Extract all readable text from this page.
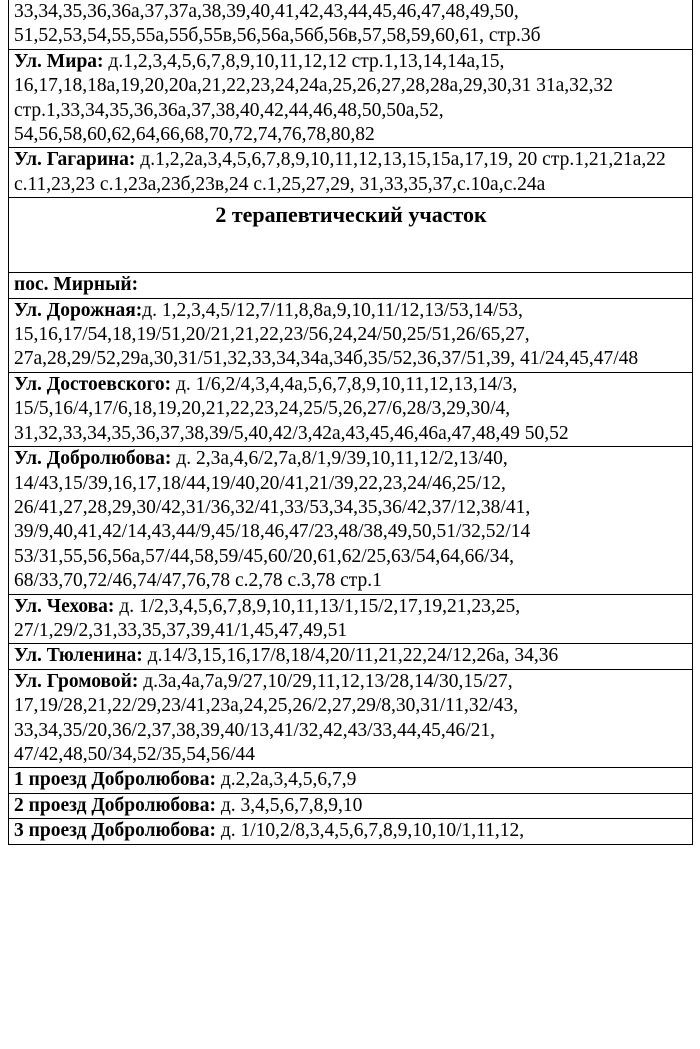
33,34,35,36,36а,37,37а,38,39,40,41,42,43,44,45,46,47,48,49,50, 51,52,53,54,55,55а,55б,55в,56,56а,56б,56в,57,58,59,60,61, стр.3б
Ул. Мира: д.1,2,3,4,5,6,7,8,9,10,11,12,12 стр.1,13,14,14а,15, 16,17,18,18а,19,20,20а,21,22,23,24,24а,25,26,27,28,28а,29,30,31 31а,32,32 стр.1,33,34,35,36,36а,37,38,40,42,44,46,48,50,50а,52, 54,56,58,60,62,64,66,68,70,72,74,76,78,80,82
Ул. Гагарина: д.1,2,2а,3,4,5,6,7,8,9,10,11,12,13,15,15а,17,19, 20 стр.1,21,21а,22 с.11,23,23 с.1,23а,23б,23в,24 с.1,25,27,29, 31,33,35,37,с.10а,с.24а
2 терапевтический участок
пос. Мирный:
Ул. Дорожная:д. 1,2,3,4,5/12,7/11,8,8а,9,10,11/12,13/53,14/53, 15,16,17/54,18,19/51,20/21,21,22,23/56,24,24/50,25/51,26/65,27, 27а,28,29/52,29а,30,31/51,32,33,34,34а,34б,35/52,36,37/51,39, 41/24,45,47/48
Ул. Достоевского: д. 1/6,2/4,3,4,4а,5,6,7,8,9,10,11,12,13,14/3, 15/5,16/4,17/6,18,19,20,21,22,23,24,25/5,26,27/6,28/3,29,30/4, 31,32,33,34,35,36,37,38,39/5,40,42/3,42а,43,45,46,46а,47,48,49 50,52
Ул. Добролюбова: д. 2,3а,4,6/2,7а,8/1,9/39,10,11,12/2,13/40, 14/43,15/39,16,17,18/44,19/40,20/41,21/39,22,23,24/46,25/12, 26/41,27,28,29,30/42,31/36,32/41,33/53,34,35,36/42,37/12,38/41, 39/9,40,41,42/14,43,44/9,45/18,46,47/23,48/38,49,50,51/32,52/14 53/31,55,56,56а,57/44,58,59/45,60/20,61,62/25,63/54,64,66/34, 68/33,70,72/46,74/47,76,78 с.2,78 с.3,78 стр.1
Ул. Чехова: д. 1/2,3,4,5,6,7,8,9,10,11,13/1,15/2,17,19,21,23,25, 27/1,29/2,31,33,35,37,39,41/1,45,47,49,51
Ул. Тюленина: д.14/3,15,16,17/8,18/4,20/11,21,22,24/12,26а, 34,36
Ул. Громовой: д.3а,4а,7а,9/27,10/29,11,12,13/28,14/30,15/27, 17,19/28,21,22/29,23/41,23а,24,25,26/2,27,29/8,30,31/11,32/43, 33,34,35/20,36/2,37,38,39,40/13,41/32,42,43/33,44,45,46/21, 47/42,48,50/34,52/35,54,56/44
1 проезд Добролюбова: д.2,2а,3,4,5,6,7,9
2 проезд Добролюбова: д. 3,4,5,6,7,8,9,10
3 проезд Добролюбова: д. 1/10,2/8,3,4,5,6,7,8,9,10,10/1,11,12,
